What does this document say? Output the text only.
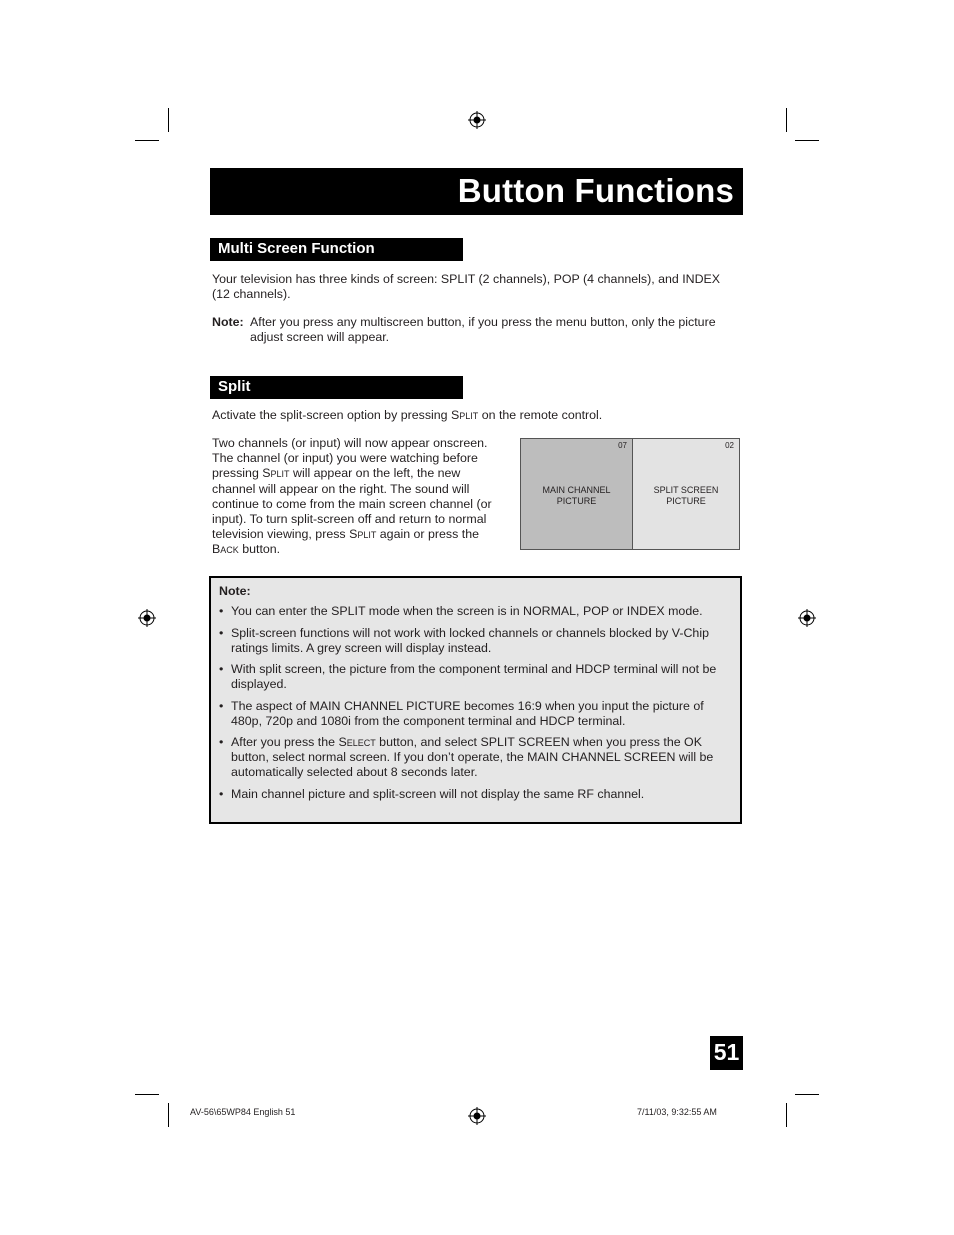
Button Functions
Multi Screen Function
Your television has three kinds of screen: SPLIT (2 channels), POP (4 channels), and INDEX (12 channels).
Note: After you press any multiscreen button, if you press the menu button, only the picture adjust screen will appear.
Split
Activate the split-screen option by pressing Split on the remote control.
Two channels (or input) will now appear onscreen. The channel (or input) you were watching before pressing Split will appear on the left, the new channel will appear on the right. The sound will continue to come from the main screen channel (or input). To turn split-screen off and return to normal television viewing, press Split again or press the Back button.
07
MAIN CHANNEL
PICTURE
02
SPLIT SCREEN
PICTURE
Note:
• You can enter the SPLIT mode when the screen is in NORMAL, POP or INDEX mode.
• Split-screen functions will not work with locked channels or channels blocked by V-Chip ratings limits. A grey screen will display instead.
• With split screen, the picture from the component terminal and HDCP terminal will not be displayed.
• The aspect of MAIN CHANNEL PICTURE becomes 16:9 when you input the picture of 480p, 720p and 1080i from the component terminal and HDCP terminal.
• After you press the Select button, and select SPLIT SCREEN when you press the OK button, select normal screen. If you don’t operate, the MAIN CHANNEL SCREEN will be automatically selected about 8 seconds later.
• Main channel picture and split-screen will not display the same RF channel.
51
AV-56\65WP84 English 51	7/11/03, 9:32:55 AM
